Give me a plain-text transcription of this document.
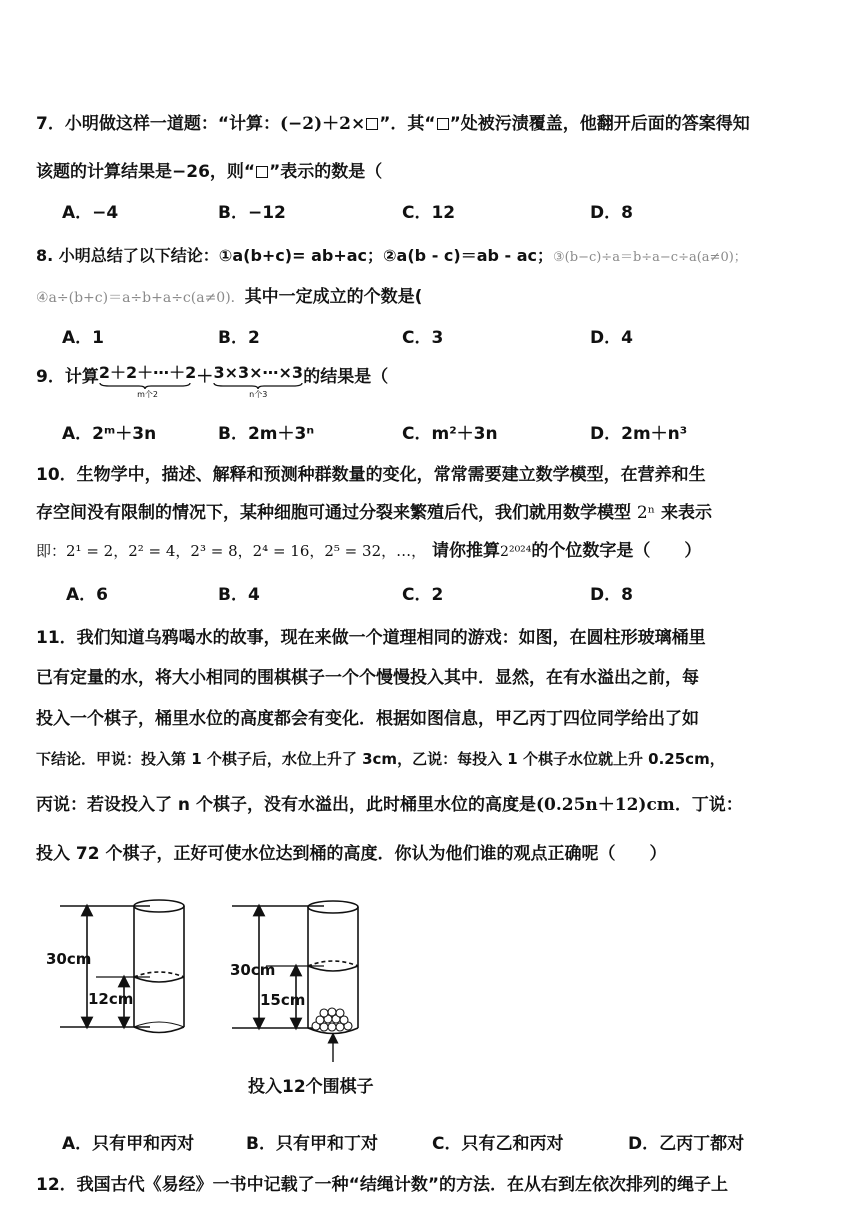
7．小明做这样一道题：“计算：(−2)＋2× ”．其“ ”处被污渍覆盖，他翻开后面的答案得知
该题的计算结果是−26，则“ ”表示的数是（
A．−4	B．−12	C．12	D．8
8. 小明总结了以下结论：①a(b+c)= ab+ac；②a(b - c)＝ab - ac；③(b−c)÷a＝b÷a−c÷a(a≠0)；
④a÷(b+c)＝a÷b+a÷c(a≠0)．其中一定成立的个数是(
A．1	B．2	C．3	D．4
9．计算 2＋2＋⋯＋2
m个2
＋ 3×3×⋯×3
n个3
的结果是（
A．2ᵐ＋3n	B．2m＋3ⁿ	C．m²＋3n	D．2m＋n³
10．生物学中，描述、解释和预测种群数量的变化，常常需要建立数学模型，在营养和生
存空间没有限制的情况下，某种细胞可通过分裂来繁殖后代，我们就用数学模型 2ⁿ 来表示
即：2¹ = 2，2² = 4，2³ = 8，2⁴ = 16，2⁵ = 32，…， 请你推算2²⁰²⁴的个位数字是（　　）
A．6	B．4	C．2	D．8
11．我们知道乌鸦喝水的故事，现在来做一个道理相同的游戏：如图，在圆柱形玻璃桶里
已有定量的水，将大小相同的围棋棋子一个个慢慢投入其中．显然，在有水溢出之前，每
投入一个棋子，桶里水位的高度都会有变化．根据如图信息，甲乙丙丁四位同学给出了如
下结论．甲说：投入第 1 个棋子后，水位上升了 3cm，乙说：每投入 1 个棋子水位就上升 0.25cm，
丙说：若设投入了 n 个棋子，没有水溢出，此时桶里水位的高度是(0.25n＋12)cm．丁说：
投入 72 个棋子，正好可使水位达到桶的高度．你认为他们谁的观点正确呢（　　）
30cm
12cm
30cm
15cm
投入12个围棋子
A．只有甲和丙对	B．只有甲和丁对	C．只有乙和丙对	D．乙丙丁都对
12．我国古代《易经》一书中记载了一种“结绳计数”的方法．在从右到左依次排列的绳子上
